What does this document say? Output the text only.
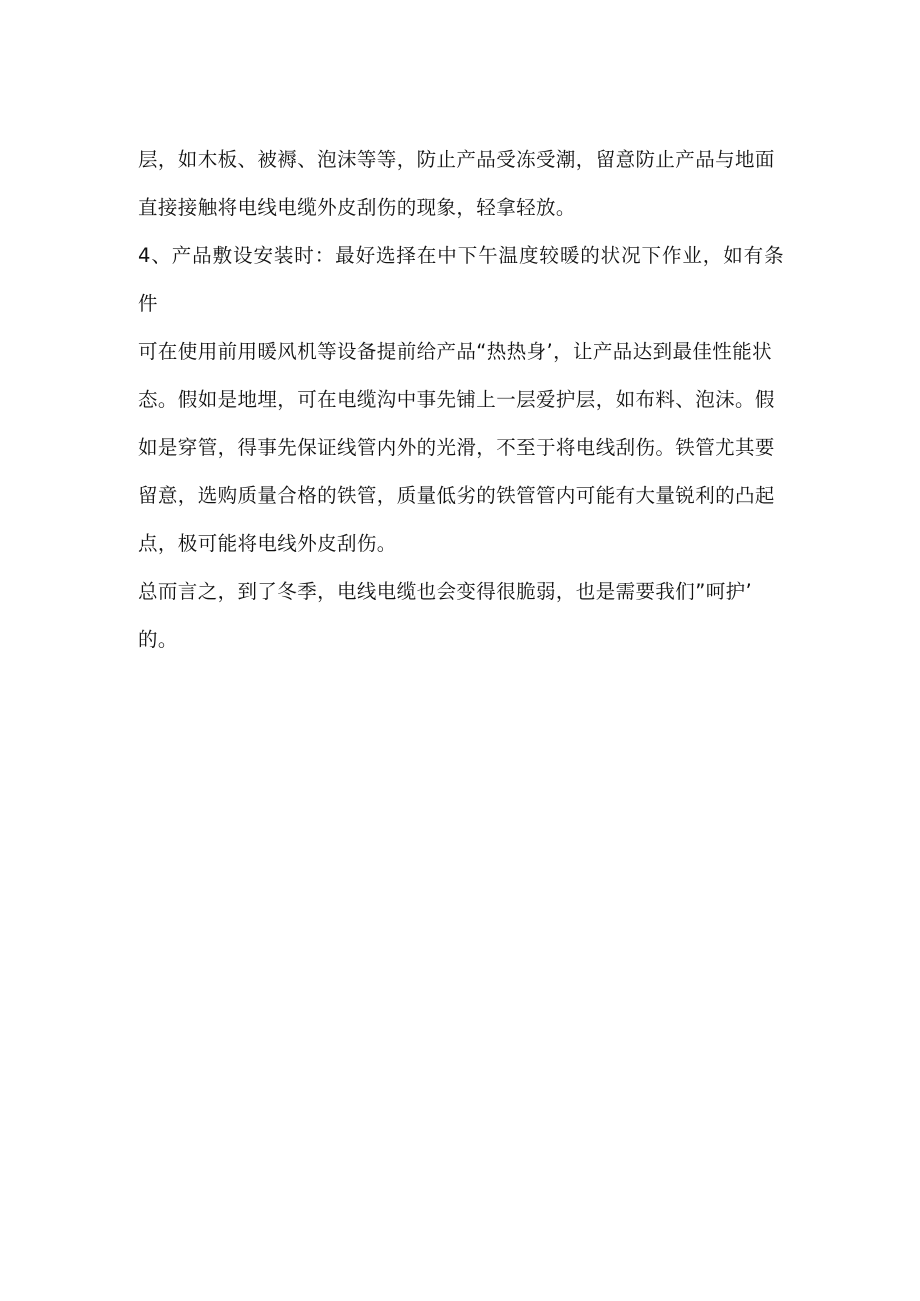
层，如木板、被褥、泡沫等等，防止产品受冻受潮，留意防止产品与地面
直接接触将电线电缆外皮刮伤的现象，轻拿轻放。
4、产品敷设安装时：最好选择在中下午温度较暖的状况下作业，如有条件
可在使用前用暖风机等设备提前给产品“热热身’，让产品达到最佳性能状
态。假如是地埋，可在电缆沟中事先铺上一层爱护层，如布料、泡沫。假
如是穿管，得事先保证线管内外的光滑，不至于将电线刮伤。铁管尤其要
留意，选购质量合格的铁管，质量低劣的铁管管内可能有大量锐利的凸起
点，极可能将电线外皮刮伤。
总而言之，到了冬季，电线电缆也会变得很脆弱，也是需要我们”呵护’
的。
